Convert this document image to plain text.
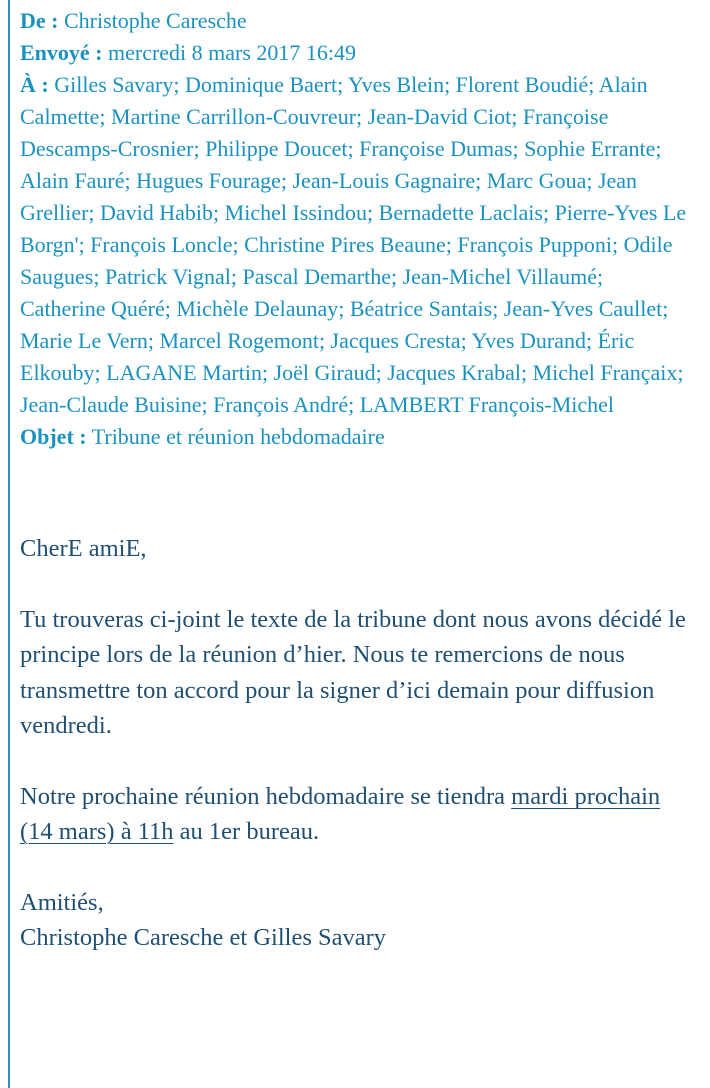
De : Christophe Caresche
Envoyé : mercredi 8 mars 2017 16:49
À : Gilles Savary; Dominique Baert; Yves Blein; Florent Boudié; Alain Calmette; Martine Carrillon-Couvreur; Jean-David Ciot; Françoise Descamps-Crosnier; Philippe Doucet; Françoise Dumas; Sophie Errante; Alain Fauré; Hugues Fourage; Jean-Louis Gagnaire; Marc Goua; Jean Grellier; David Habib; Michel Issindou; Bernadette Laclais; Pierre-Yves Le Borgn'; François Loncle; Christine Pires Beaune; François Pupponi; Odile Saugues; Patrick Vignal; Pascal Demarthe; Jean-Michel Villaumé; Catherine Quéré; Michèle Delaunay; Béatrice Santais; Jean-Yves Caullet; Marie Le Vern; Marcel Rogemont; Jacques Cresta; Yves Durand; Éric Elkouby; LAGANE Martin; Joël Giraud; Jacques Krabal; Michel Françaix; Jean-Claude Buisine; François André; LAMBERT François-Michel
Objet : Tribune et réunion hebdomadaire

CherE amiE,

Tu trouveras ci-joint le texte de la tribune dont nous avons décidé le principe lors de la réunion d’hier. Nous te remercions de nous transmettre ton accord pour la signer d’ici demain pour diffusion vendredi.

Notre prochaine réunion hebdomadaire se tiendra mardi prochain (14 mars) à 11h au 1er bureau.

Amitiés,

Christophe Caresche et Gilles Savary
